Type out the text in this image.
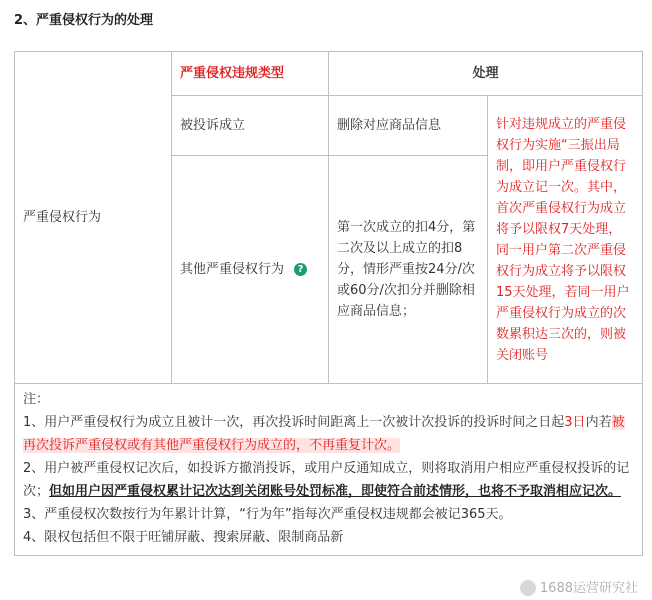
2、严重侵权行为的处理
严重侵权行为	严重侵权违规类型	处理	
	被投诉成立	删除对应商品信息	针对违规成立的严重侵权行为实施“三振出局制，即用户严重侵权行为成立记一次。其中，首次严重侵权行为成立将予以限权7天处理，同一用户第二次严重侵权行为成立将予以限权15天处理，若同一用户严重侵权行为成立的次数累积达三次的，则被关闭账号
	其他严重侵权行为 ?	第一次成立的扣4分，第二次及以上成立的扣8分，情形严重按24分/次或60分/次扣分并删除相应商品信息；	

注：

1、用户严重侵权行为成立且被计一次，再次投诉时间距离上一次被计次投诉的投诉时间之日起3日内若被再次投诉严重侵权或有其他严重侵权行为成立的，不再重复计次。

2、用户被严重侵权记次后，如投诉方撤消投诉，或用户反通知成立，则将取消用户相应严重侵权投诉的记次；但如用户因严重侵权累计记次达到关闭账号处罚标准，即使符合前述情形，也将不予取消相应记次。

3、严重侵权次数按行为年累计计算，“行为年”指每次严重侵权违规都会被记365天。

4、限权包括但不限于旺铺屏蔽、搜索屏蔽、限制商品新			

1688运营研究社
